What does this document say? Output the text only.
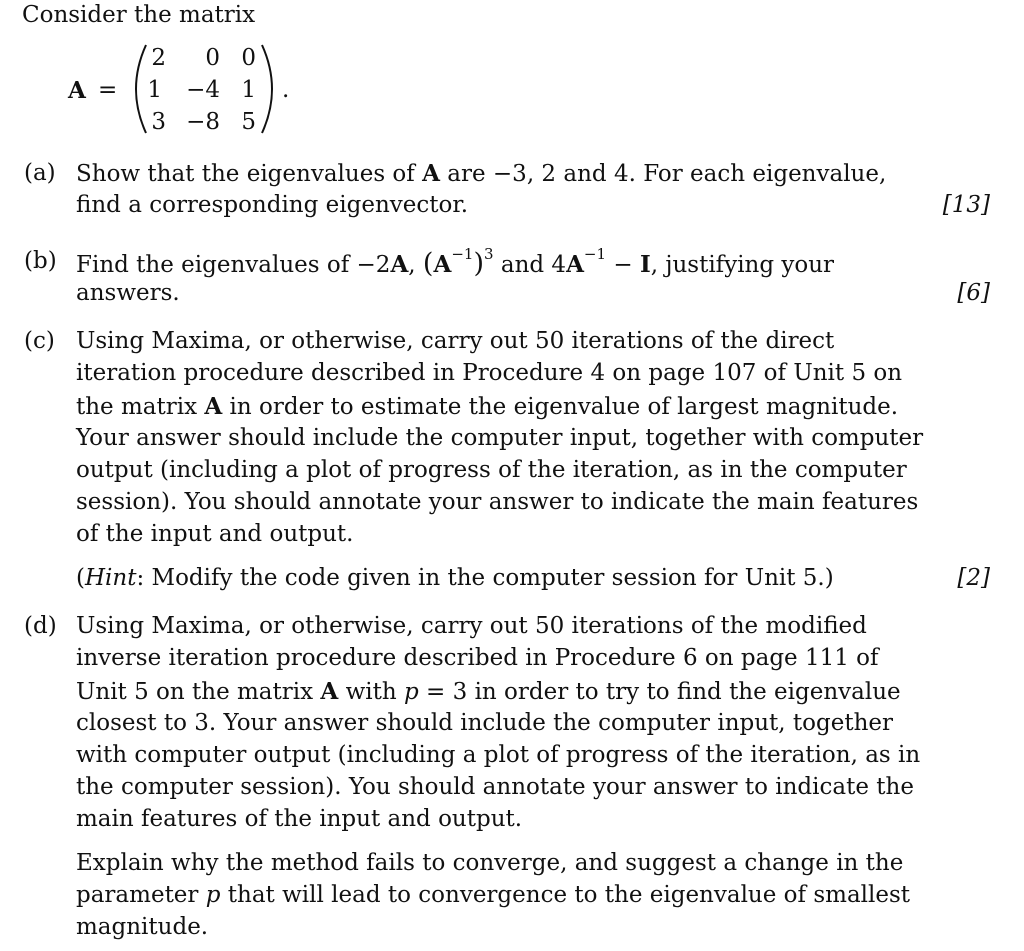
Consider the matrix
A =
2	0 0
1 −4 1
3 −8 5
.
(a) Show that the eigenvalues of A are −3, 2 and 4. For each eigenvalue,
find a corresponding eigenvector.	[13]
(b) Find the eigenvalues of −2A, $(A^{-1})^3$ and $4A^{-1} - I$, justifying your
answers.	[6]
(c) Using Maxima, or otherwise, carry out 50 iterations of the direct
iteration procedure described in Procedure 4 on page 107 of Unit 5 on
the matrix A in order to estimate the eigenvalue of largest magnitude.
Your answer should include the computer input, together with computer
output (including a plot of progress of the iteration, as in the computer
session). You should annotate your answer to indicate the main features
of the input and output.
(Hint: Modify the code given in the computer session for Unit 5.)	[2]
(d) Using Maxima, or otherwise, carry out 50 iterations of the modified
inverse iteration procedure described in Procedure 6 on page 111 of
Unit 5 on the matrix A with p = 3 in order to try to find the eigenvalue
closest to 3. Your answer should include the computer input, together
with computer output (including a plot of progress of the iteration, as in
the computer session). You should annotate your answer to indicate the
main features of the input and output.
Explain why the method fails to converge, and suggest a change in the
parameter p that will lead to convergence to the eigenvalue of smallest
magnitude.
